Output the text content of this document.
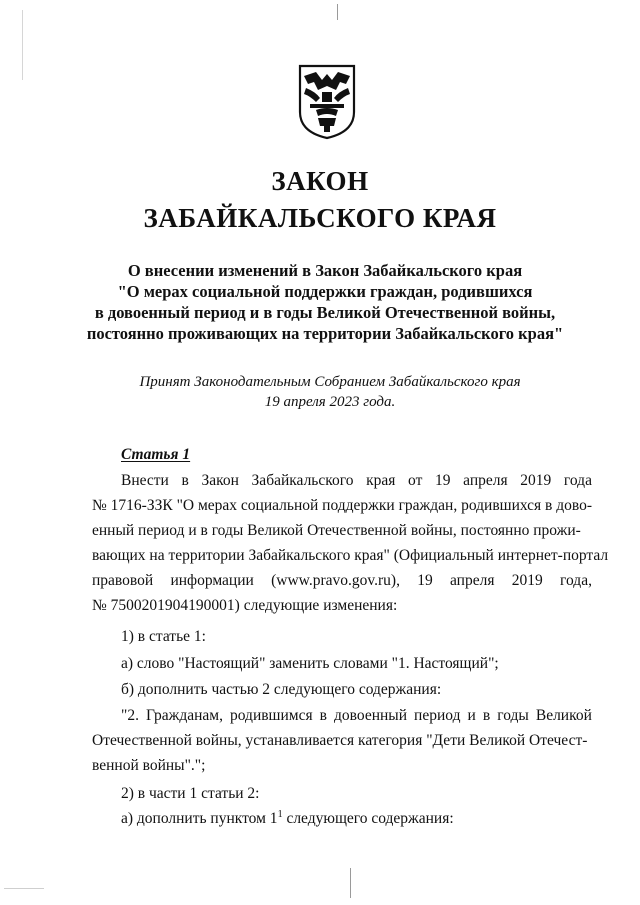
ЗАКОН
ЗАБАЙКАЛЬСКОГО КРАЯ
О внесении изменений в Закон Забайкальского края
"О мерах социальной поддержки граждан, родившихся
в довоенный период и в годы Великой Отечественной войны,
постоянно проживающих на территории Забайкальского края"
Принят Законодательным Собранием Забайкальского края
19 апреля 2023 года.
Статья 1
Внести в Закон Забайкальского края от 19 апреля 2019 года
№ 1716-ЗЗК "О мерах социальной поддержки граждан, родившихся в дово-
енный период и в годы Великой Отечественной войны, постоянно прожи-
вающих на территории Забайкальского края" (Официальный интернет-портал
правовой информации (www.pravo.gov.ru), 19 апреля 2019 года,
№ 7500201904190001) следующие изменения:
1) в статье 1:
а) слово "Настоящий" заменить словами "1. Настоящий";
б) дополнить частью 2 следующего содержания:
"2. Гражданам, родившимся в довоенный период и в годы Великой
Отечественной войны, устанавливается категория "Дети Великой Отечест-
венной войны".";
2) в части 1 статьи 2:
а) дополнить пунктом $1^1$ следующего содержания:
